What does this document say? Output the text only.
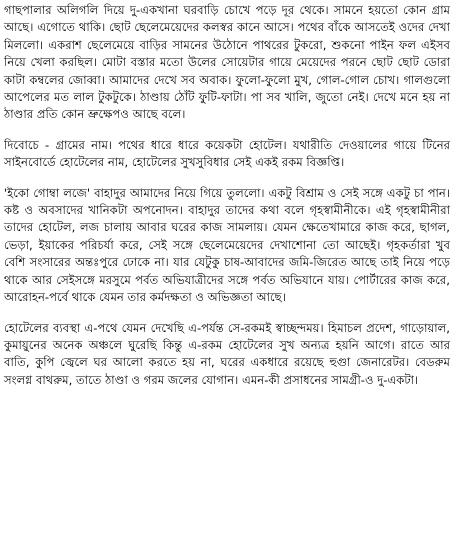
গাছপালার অলিগলি দিয়ে দু-একখানা ঘরবাড়ি চোখে পড়ে দূর থেকে। সামনে হয়তো কোন গ্রাম আছে। এগোতে থাকি। ছোট ছেলেমেয়েদের কলস্বর কানে আসে। পথের বাঁকে আসতেই ওদের দেখা মিললো। একরাশ ছেলেমেয়ে বাড়ির সামনের উঠোনে পাথরের টুকরো, শুকনো পাইন ফল এইসব নিয়ে খেলা করছিল। মোটা বস্তার মতো উলের সোয়েটার গায়ে মেয়েদের পরনে ছোট ছোট ডোরা কাটা কম্বলের জোব্বা। আমাদের দেখে সব অবাক। ফুলো-ফুলো মুখ, গোল-গোল চোখ। গালগুলো আপেলের মত লাল টুকটুকে। ঠাণ্ডায় ঠোঁট ফুটি-ফাটা। পা সব খালি, জুতো নেই। দেখে মনে হয় না ঠাণ্ডার প্রতি কোন ভ্রুক্ষেপও আছে বলে।

দিবোচে - গ্রামের নাম। পথের ধারে ধারে কয়েকটা হোটেল। যথারীতি দেওয়ালের গায়ে টিনের সাইনবোর্ডে হোটেলের নাম, হোটেলের সুখসুবিধার সেই একই রকম বিজ্ঞপ্তি।

'ইকো গোম্বা লজে' বাহাদুর আমাদের নিয়ে গিয়ে তুললো। একটু বিশ্রাম ও সেই সঙ্গে একটু চা পান। কষ্ট ও অবসাদের খানিকটা অপনোদন। বাহাদুর তাদের কথা বলে গৃহস্বামীনীকে। এই গৃহস্বামীনীরা তাদের হোটেল, লজ চালায় আবার ঘরের কাজ সামলায়। যেমন ক্ষেতেখামারে কাজ করে, ছাগল, ভেড়া, ইয়াকের পরিচর্যা করে, সেই সঙ্গে ছেলেমেয়েদের দেখাশোনা তো আছেই। গৃহকর্তারা খুব বেশি সংসারের অন্তঃপুরে ঢোকে না। যার যেটুকু চাষ-আবাদের জমি-জিরেত আছে তাই নিয়ে পড়ে থাকে আর সেইসঙ্গে মরসুমে পর্বত অভিযাত্রীদের সঙ্গে পর্বত অভিযানে যায়। পোর্টারের কাজ করে, আরোহন-পর্বে থাকে যেমন তার কর্মদক্ষতা ও অভিজ্ঞতা আছে।

হোটেলের ব্যবস্থা এ-পথে যেমন দেখেছি এ-পর্যন্ত সে-রকমই স্বাচ্ছন্দময়। হিমাচল প্রদেশ, গাড়োয়াল, কুমায়ুনের অনেক অঞ্চলে ঘুরেছি কিন্তু এ-রকম হোটেলের সুখ অন্যত্র হয়নি আগে। রাতে আর বাতি, কুপি জ্বেলে ঘর আলো করতে হয় না, ঘরের একধারে রয়েছে হুগুা জেনারেটর। বেডরুম সংলগ্ন বাথরুম, তাতে ঠাণ্ডা ও গরম জলের যোগান। এমন-কী প্রসাধনের সামগ্রী-ও দু-একটা।
